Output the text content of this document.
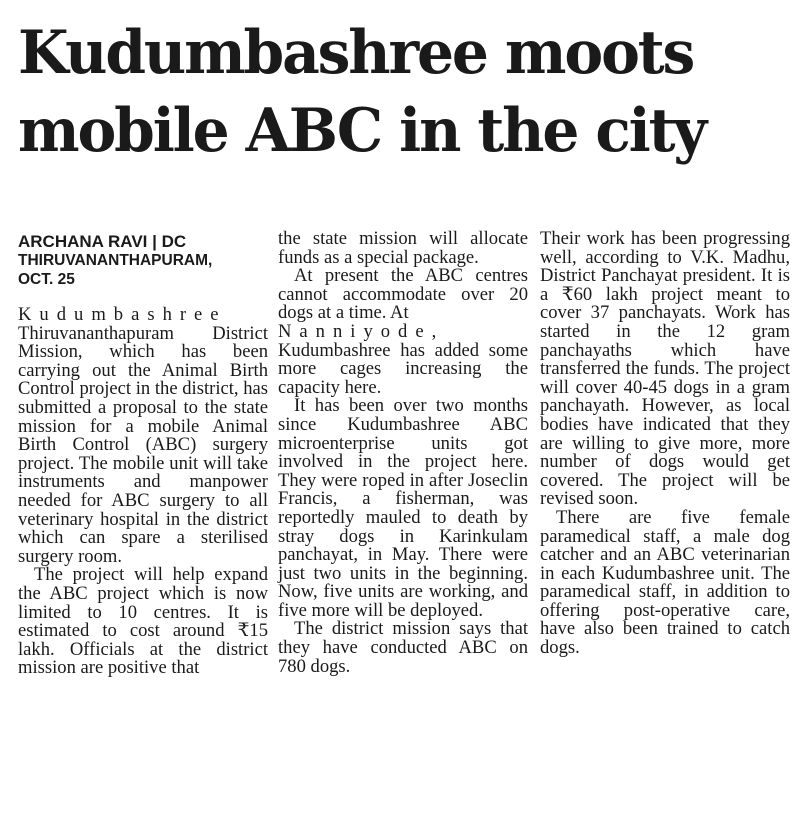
Kudumbashree moots
mobile ABC in the city
ARCHANA RAVI | DC
THIRUVANANTHAPURAM,
OCT. 25

Kudumbashree

Thiruvananthapuram District Mission, which has been carrying out the Animal Birth Control project in the district, has submitted a proposal to the state mission for a mobile Animal Birth Control (ABC) surgery project. The mobile unit will take instruments and manpower needed for ABC surgery to all veterinary hospital in the district which can spare a sterilised surgery room.

The project will help expand the ABC project which is now limited to 10 centres. It is estimated to cost around ₹15 lakh. Officials at the district mission are positive that

the state mission will allocate funds as a special package.

At present the ABC centres cannot accommodate over 20 dogs at a time. At

Nanniyode,

Kudumbashree has added some more cages increasing the capacity here.

It has been over two months since Kudumbashree ABC microenterprise units got involved in the project here. They were roped in after Joseclin Francis, a fisherman, was reportedly mauled to death by stray dogs in Karinkulam panchayat, in May. There were just two units in the beginning. Now, five units are working, and five more will be deployed.

The district mission says that they have conducted ABC on 780 dogs.

Their work has been progressing well, according to V.K. Madhu, District Panchayat president. It is a ₹60 lakh project meant to cover 37 panchayats. Work has started in the 12 gram panchayaths which have transferred the funds. The project will cover 40-45 dogs in a gram panchayath. However, as local bodies have indicated that they are willing to give more, more number of dogs would get covered. The project will be revised soon.

There are five female paramedical staff, a male dog catcher and an ABC veterinarian in each Kudumbashree unit. The paramedical staff, in addition to offering post-operative care, have also been trained to catch dogs.
